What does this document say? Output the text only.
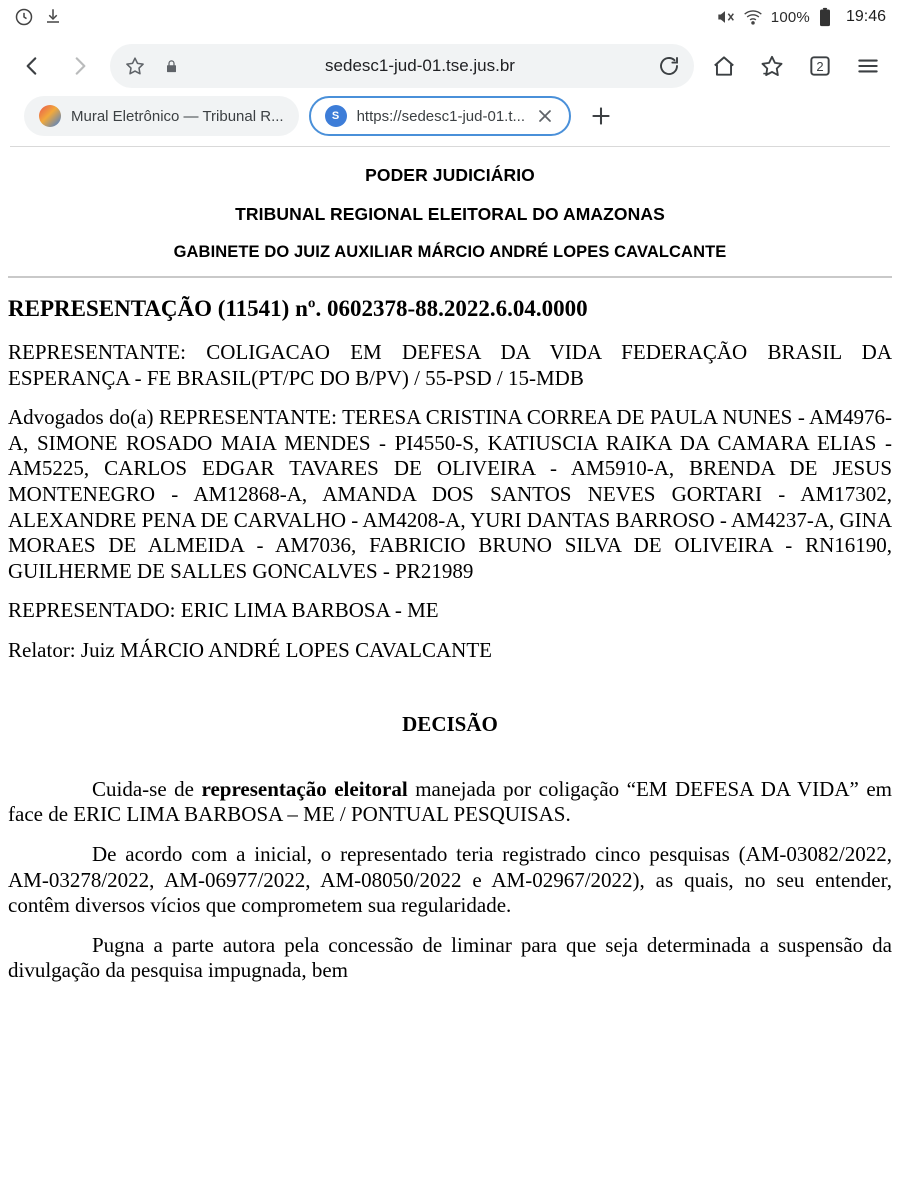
100% 19:46
sedesc1-jud-01.tse.jus.br	2
Mural Eletrônico — Tribunal R...	S	https://sedesc1-jud-01.t...
PODER JUDICIÁRIO
TRIBUNAL REGIONAL ELEITORAL DO AMAZONAS
GABINETE DO JUIZ AUXILIAR MÁRCIO ANDRÉ LOPES CAVALCANTE
REPRESENTAÇÃO (11541) nº. 0602378-88.2022.6.04.0000

REPRESENTANTE: COLIGACAO EM DEFESA DA VIDA FEDERAÇÃO BRASIL DA ESPERANÇA - FE BRASIL(PT/PC DO B/PV) / 55-PSD / 15-MDB

Advogados do(a) REPRESENTANTE: TERESA CRISTINA CORREA DE PAULA NUNES - AM4976-A, SIMONE ROSADO MAIA MENDES - PI4550-S, KATIUSCIA RAIKA DA CAMARA ELIAS - AM5225, CARLOS EDGAR TAVARES DE OLIVEIRA - AM5910-A, BRENDA DE JESUS MONTENEGRO - AM12868-A, AMANDA DOS SANTOS NEVES GORTARI - AM17302, ALEXANDRE PENA DE CARVALHO - AM4208-A, YURI DANTAS BARROSO - AM4237-A, GINA MORAES DE ALMEIDA - AM7036, FABRICIO BRUNO SILVA DE OLIVEIRA - RN16190, GUILHERME DE SALLES GONCALVES - PR21989

REPRESENTADO: ERIC LIMA BARBOSA - ME

Relator: Juiz MÁRCIO ANDRÉ LOPES CAVALCANTE

DECISÃO

Cuida-se de representação eleitoral manejada por coligação “EM DEFESA DA VIDA” em face de ERIC LIMA BARBOSA – ME / PONTUAL PESQUISAS.

De acordo com a inicial, o representado teria registrado cinco pesquisas (AM-03082/2022, AM-03278/2022, AM-06977/2022, AM-08050/2022 e AM-02967/2022), as quais, no seu entender, contêm diversos vícios que comprometem sua regularidade.

Pugna a parte autora pela concessão de liminar para que seja determinada a suspensão da divulgação da pesquisa impugnada, bem
